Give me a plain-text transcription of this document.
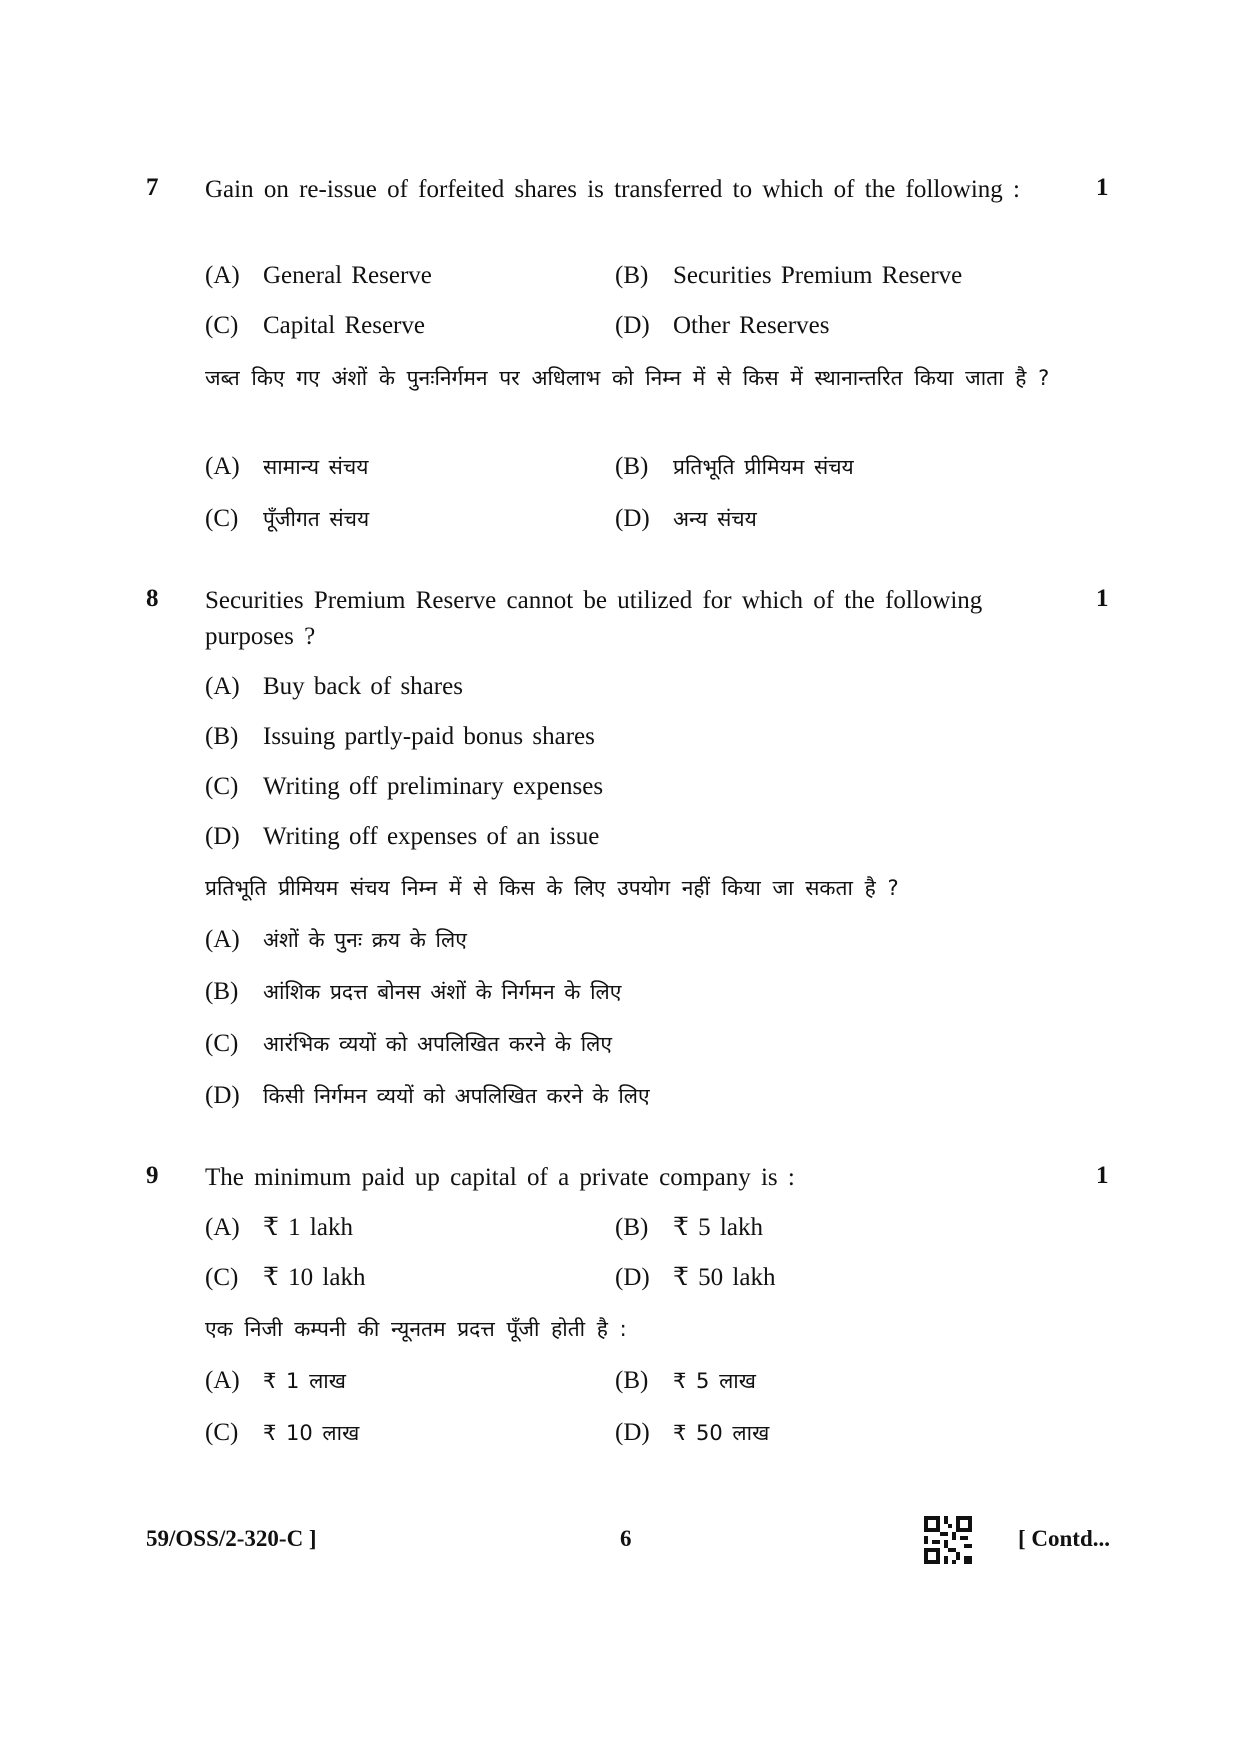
7	1
Gain on re-issue of forfeited shares is transferred to which of the following :
(A) General Reserve	(B) Securities Premium Reserve
(C) Capital Reserve	(D) Other Reserves
जब्त किए गए अंशों के पुनःनिर्गमन पर अधिलाभ को निम्न में से किस में स्थानान्तरित किया जाता है ?
(A) सामान्य संचय	(B) प्रतिभूति प्रीमियम संचय
(C) पूँजीगत संचय	(D) अन्य संचय
8	1
Securities Premium Reserve cannot be utilized for which of the following purposes ?
(A) Buy back of shares
(B) Issuing partly-paid bonus shares
(C) Writing off preliminary expenses
(D) Writing off expenses of an issue
प्रतिभूति प्रीमियम संचय निम्न में से किस के लिए उपयोग नहीं किया जा सकता है ?
(A) अंशों के पुनः क्रय के लिए
(B) आंशिक प्रदत्त बोनस अंशों के निर्गमन के लिए
(C) आरंभिक व्ययों को अपलिखित करने के लिए
(D) किसी निर्गमन व्ययों को अपलिखित करने के लिए
9	1
The minimum paid up capital of a private company is :
(A) ₹ 1 lakh	(B) ₹ 5 lakh
(C) ₹ 10 lakh	(D) ₹ 50 lakh
एक निजी कम्पनी की न्यूनतम प्रदत्त पूँजी होती है :
(A) ₹ 1 लाख	(B) ₹ 5 लाख
(C) ₹ 10 लाख	(D) ₹ 50 लाख
59/OSS/2-320-C ]	6	[ Contd...
